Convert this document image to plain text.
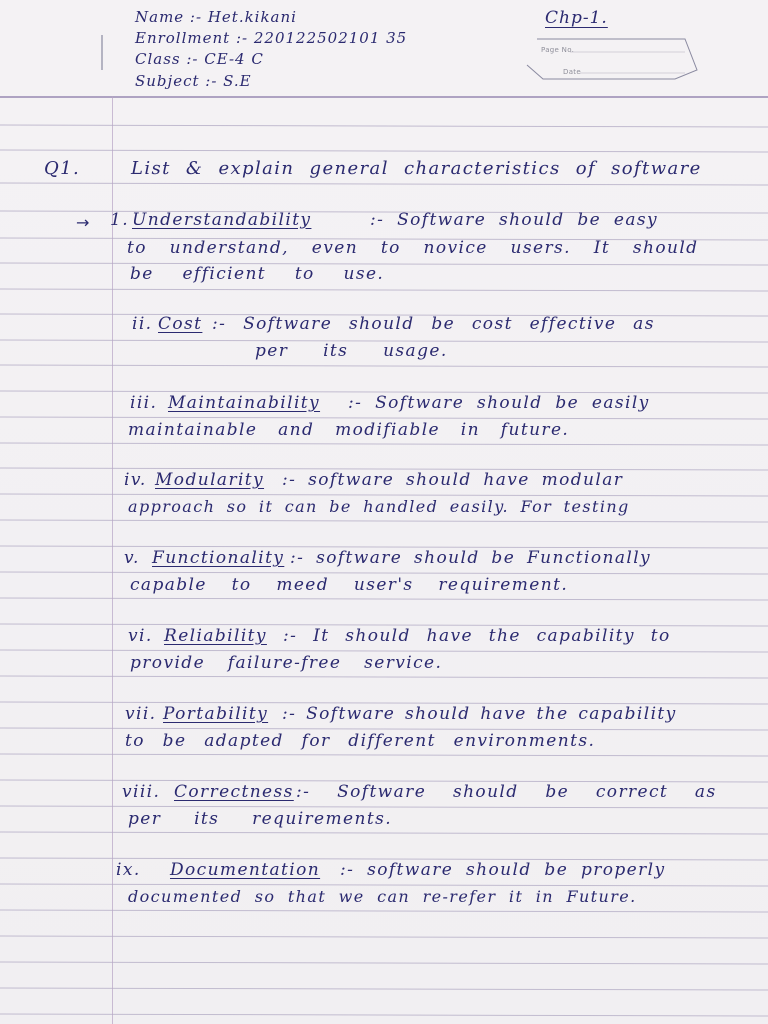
Name :- Het.kikani

Enrollment :- 220122502101 35

Class :- CE-4 C

Subject :- S.E

Chp-1.

Page No.
Date

Q1.	List & explain general characteristics of software

→ 1. Understandability	:- Software should be easy

to understand, even to novice users. It should

be efficient to use.

ii. Cost :- Software should be cost effective as

per its usage.

iii. Maintainability :- Software should be easily

maintainable and modifiable in future.

iv. Modularity :- software should have modular

approach so it can be handled easily. For testing

v. Functionality :- software should be Functionally

capable to meed user's requirement.

vi. Reliability :- It should have the capability to

provide failure-free service.

vii. Portability :- Software should have the capability

to be adapted for different environments.

viii. Correctness :- Software should be correct as

per its requirements.

ix. Documentation :- software should be properly

documented so that we can re-refer it in Future.
